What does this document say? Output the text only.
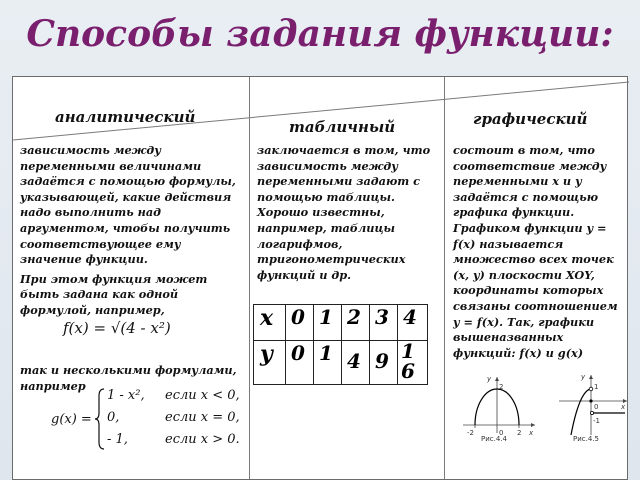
Способы задания функции:
аналитический
табличный	графический

зависимость между переменными величинами задаётся с помощью формулы, указывающей, какие действия надо выполнить над аргументом, чтобы получить соответствующее ему значение функции.

При этом функция может быть задана как одной формулой, например,

f(x) = √(4 - x²)
так и несколькими формулами, например
g(x) =
1 - x², если x < 0,
0,	если x = 0,
- 1,	если x > 0.
заключается в том, что зависимость между переменными задают с помощью таблицы. Хорошо известны, например, таблицы логарифмов, тригонометрических функций и др.
x	0	1	2	3	4
y	0	1	4	9	16
состоит в том, что соответствие между переменными x и y задаётся с помощью графика функции. Графиком функции y = f(x) называется множество всех точек (x, y) плоскости XOY, координаты которых связаны соотношением y = f(x). Так, графики вышеназванных функций: f(x) и g(x)
y
2
-2	0 2 x
Рис.4.4
y
1
0
-1
x
Рис.4.5
